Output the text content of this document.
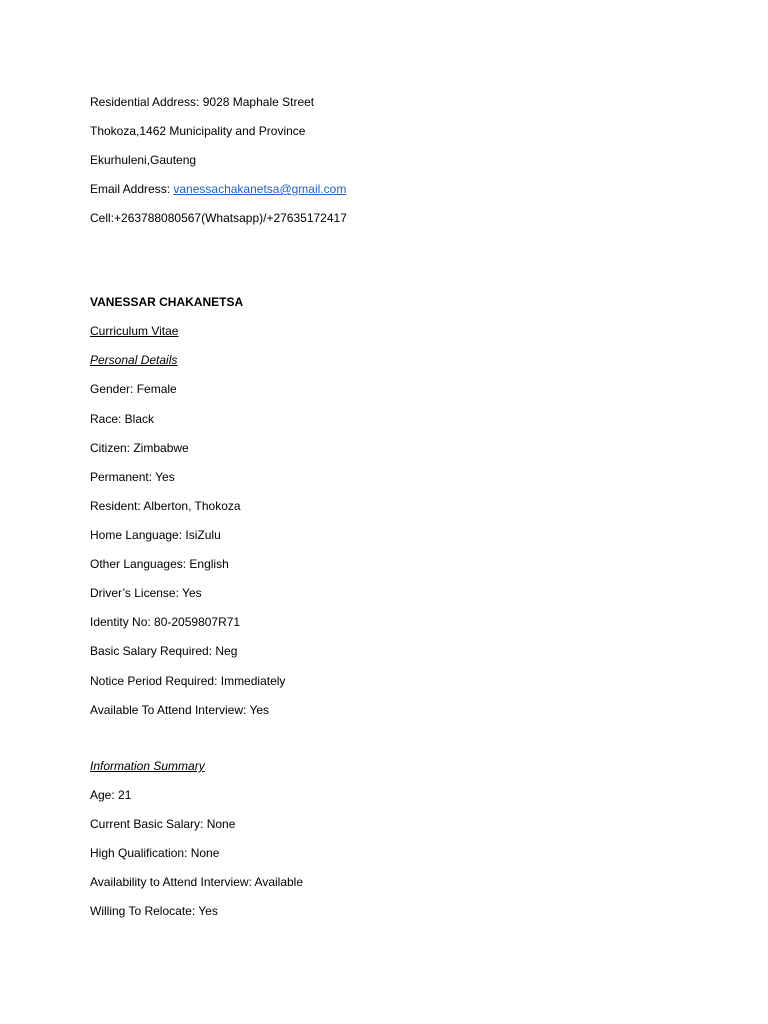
Residential Address: 9028 Maphale Street
Thokoza,1462 Municipality and Province
Ekurhuleni,Gauteng
Email Address: vanessachakanetsa@gmail.com
Cell:+263788080567(Whatsapp)/+27635172417
VANESSAR CHAKANETSA
Curriculum Vitae
Personal Details
Gender: Female
Race: Black
Citizen: Zimbabwe
Permanent: Yes
Resident: Alberton, Thokoza
Home Language: IsiZulu
Other Languages: English
Driver’s License: Yes
Identity No: 80-2059807R71
Basic Salary Required: Neg
Notice Period Required: Immediately
Available To Attend Interview: Yes
Information Summary
Age: 21
Current Basic Salary: None
High Qualification: None
Availability to Attend Interview: Available
Willing To Relocate: Yes
